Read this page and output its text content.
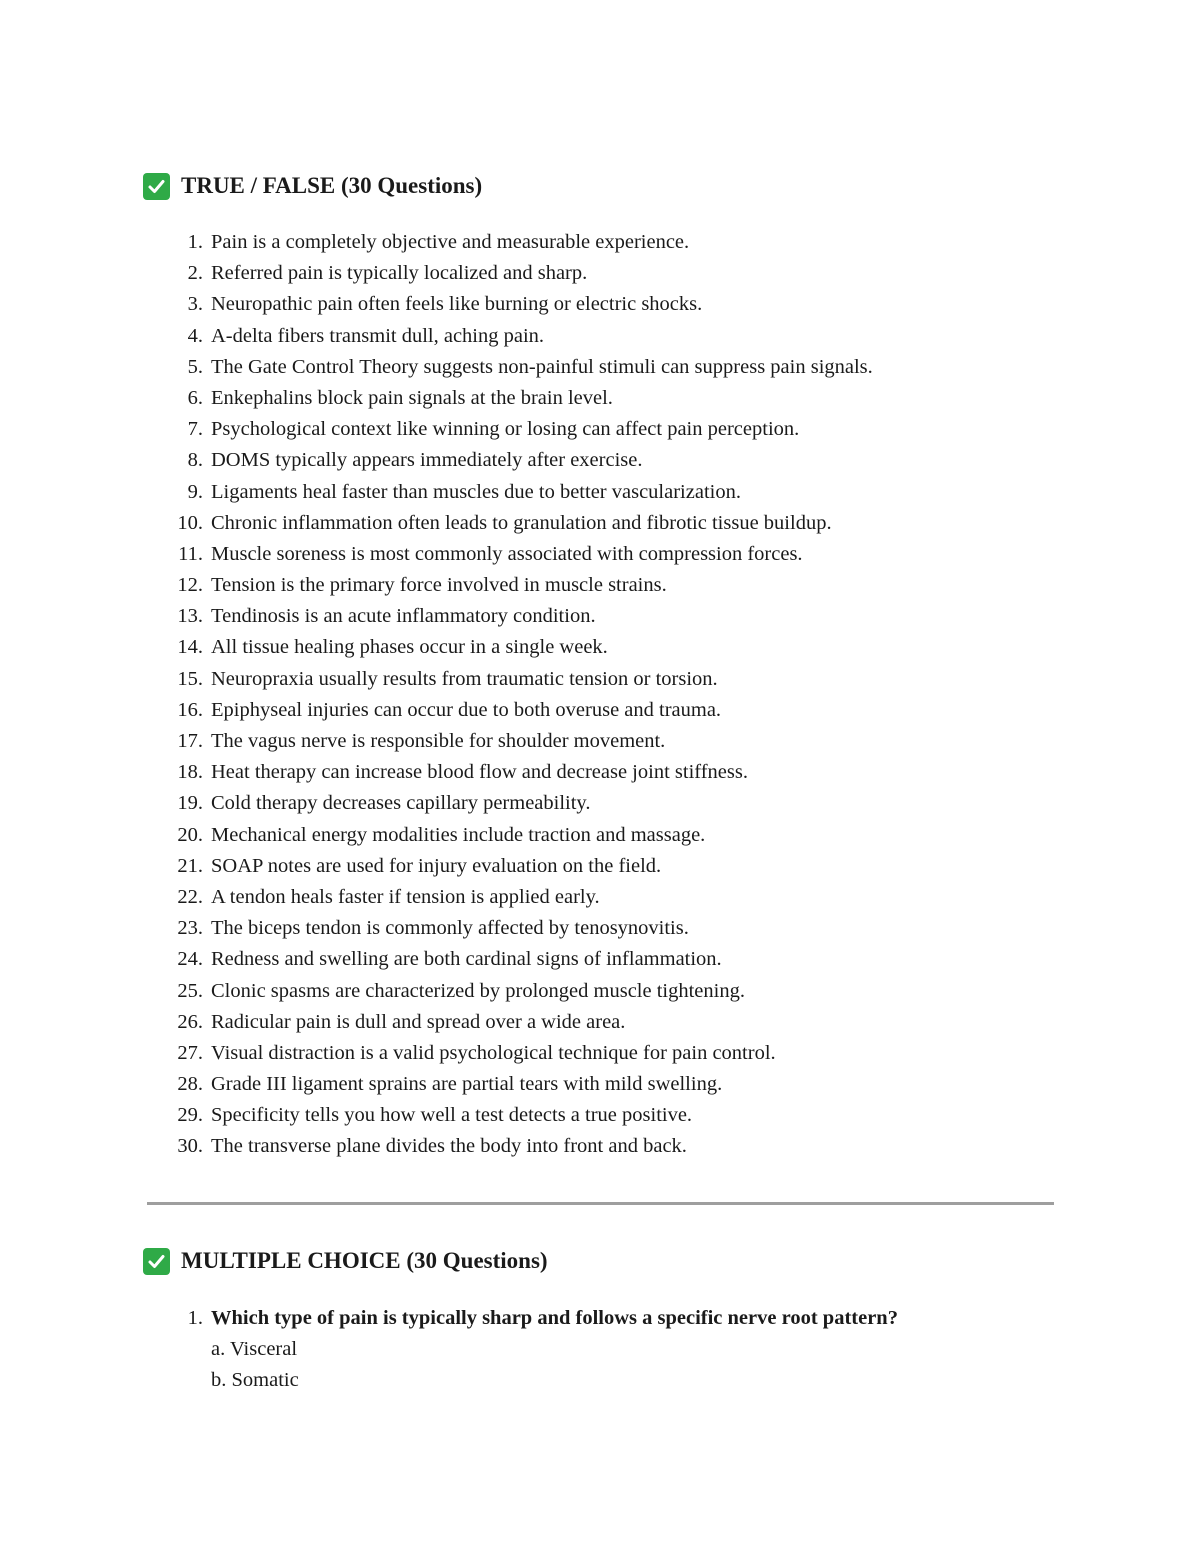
TRUE / FALSE (30 Questions)
1. Pain is a completely objective and measurable experience.
2. Referred pain is typically localized and sharp.
3. Neuropathic pain often feels like burning or electric shocks.
4. A-delta fibers transmit dull, aching pain.
5. The Gate Control Theory suggests non-painful stimuli can suppress pain signals.
6. Enkephalins block pain signals at the brain level.
7. Psychological context like winning or losing can affect pain perception.
8. DOMS typically appears immediately after exercise.
9. Ligaments heal faster than muscles due to better vascularization.
10. Chronic inflammation often leads to granulation and fibrotic tissue buildup.
11. Muscle soreness is most commonly associated with compression forces.
12. Tension is the primary force involved in muscle strains.
13. Tendinosis is an acute inflammatory condition.
14. All tissue healing phases occur in a single week.
15. Neuropraxia usually results from traumatic tension or torsion.
16. Epiphyseal injuries can occur due to both overuse and trauma.
17. The vagus nerve is responsible for shoulder movement.
18. Heat therapy can increase blood flow and decrease joint stiffness.
19. Cold therapy decreases capillary permeability.
20. Mechanical energy modalities include traction and massage.
21. SOAP notes are used for injury evaluation on the field.
22. A tendon heals faster if tension is applied early.
23. The biceps tendon is commonly affected by tenosynovitis.
24. Redness and swelling are both cardinal signs of inflammation.
25. Clonic spasms are characterized by prolonged muscle tightening.
26. Radicular pain is dull and spread over a wide area.
27. Visual distraction is a valid psychological technique for pain control.
28. Grade III ligament sprains are partial tears with mild swelling.
29. Specificity tells you how well a test detects a true positive.
30. The transverse plane divides the body into front and back.
MULTIPLE CHOICE (30 Questions)
1. Which type of pain is typically sharp and follows a specific nerve root pattern?
a. Visceral
b. Somatic
